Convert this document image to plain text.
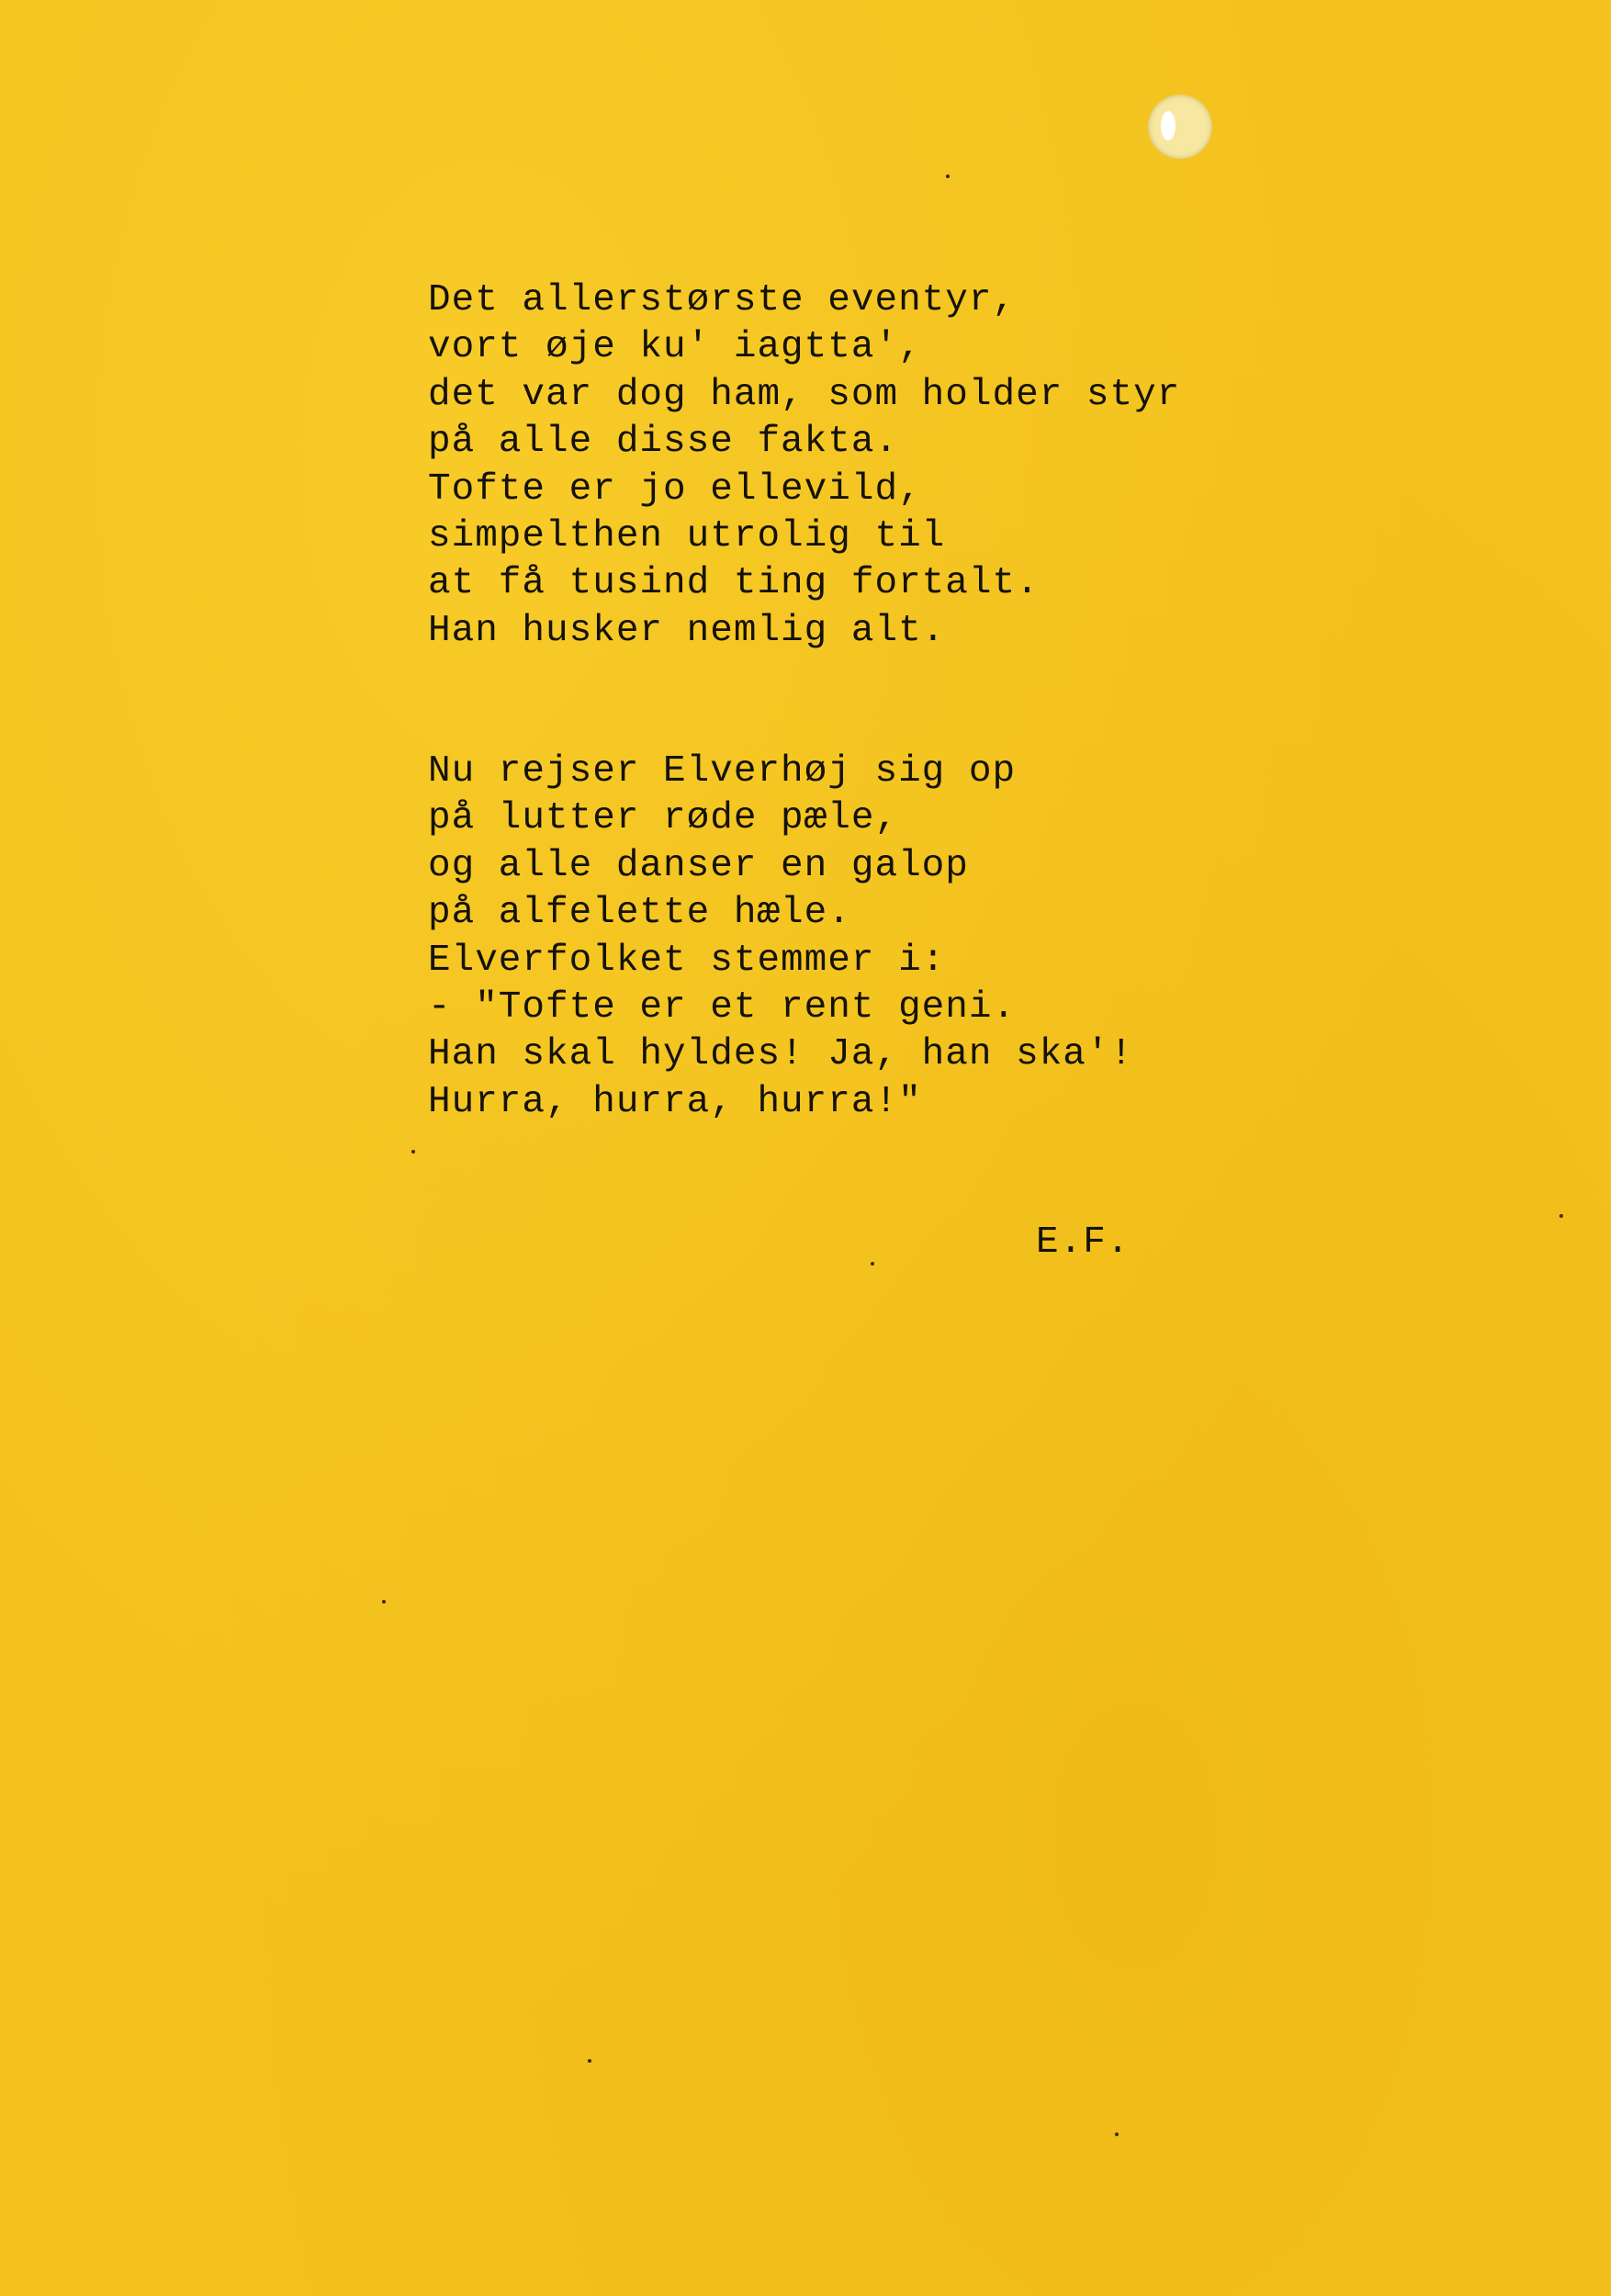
Det allerstørste eventyr,
vort øje ku' iagtta',
det var dog ham, som holder styr
på alle disse fakta.
Tofte er jo ellevild,
simpelthen utrolig til
at få tusind ting fortalt.
Han husker nemlig alt.
Nu rejser Elverhøj sig op
på lutter røde pæle,
og alle danser en galop
på alfelette hæle.
Elverfolket stemmer i:
- "Tofte er et rent geni.
Han skal hyldes! Ja, han ska'!
Hurra, hurra, hurra!"
E.F.
